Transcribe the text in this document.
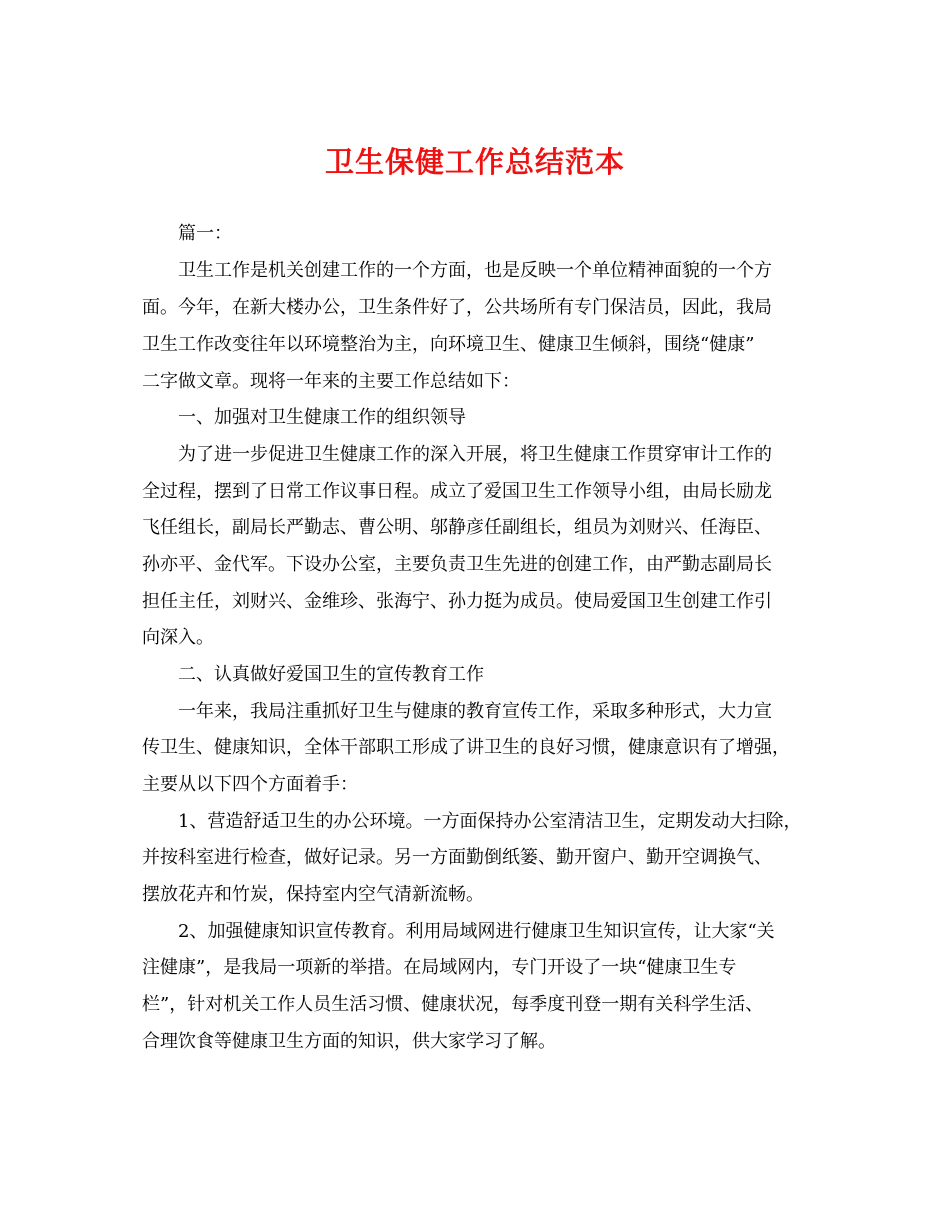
卫生保健工作总结范本

篇一：

卫生工作是机关创建工作的一个方面，也是反映一个单位精神面貌的一个方

面。今年，在新大楼办公，卫生条件好了，公共场所有专门保洁员，因此，我局

卫生工作改变往年以环境整治为主，向环境卫生、健康卫生倾斜，围绕“健康”

二字做文章。现将一年来的主要工作总结如下：

一、加强对卫生健康工作的组织领导

为了进一步促进卫生健康工作的深入开展，将卫生健康工作贯穿审计工作的

全过程，摆到了日常工作议事日程。成立了爱国卫生工作领导小组，由局长励龙

飞任组长，副局长严勤志、曹公明、邬静彦任副组长，组员为刘财兴、任海臣、

孙亦平、金代军。下设办公室，主要负责卫生先进的创建工作，由严勤志副局长

担任主任，刘财兴、金维珍、张海宁、孙力挺为成员。使局爱国卫生创建工作引

向深入。

二、认真做好爱国卫生的宣传教育工作

一年来，我局注重抓好卫生与健康的教育宣传工作，采取多种形式，大力宣

传卫生、健康知识，全体干部职工形成了讲卫生的良好习惯，健康意识有了增强，

主要从以下四个方面着手：

1、营造舒适卫生的办公环境。一方面保持办公室清洁卫生，定期发动大扫除，

并按科室进行检查，做好记录。另一方面勤倒纸篓、勤开窗户、勤开空调换气、

摆放花卉和竹炭，保持室内空气清新流畅。

2、加强健康知识宣传教育。利用局域网进行健康卫生知识宣传，让大家“关

注健康”，是我局一项新的举措。在局域网内，专门开设了一块“健康卫生专

栏”，针对机关工作人员生活习惯、健康状况，每季度刊登一期有关科学生活、

合理饮食等健康卫生方面的知识，供大家学习了解。
